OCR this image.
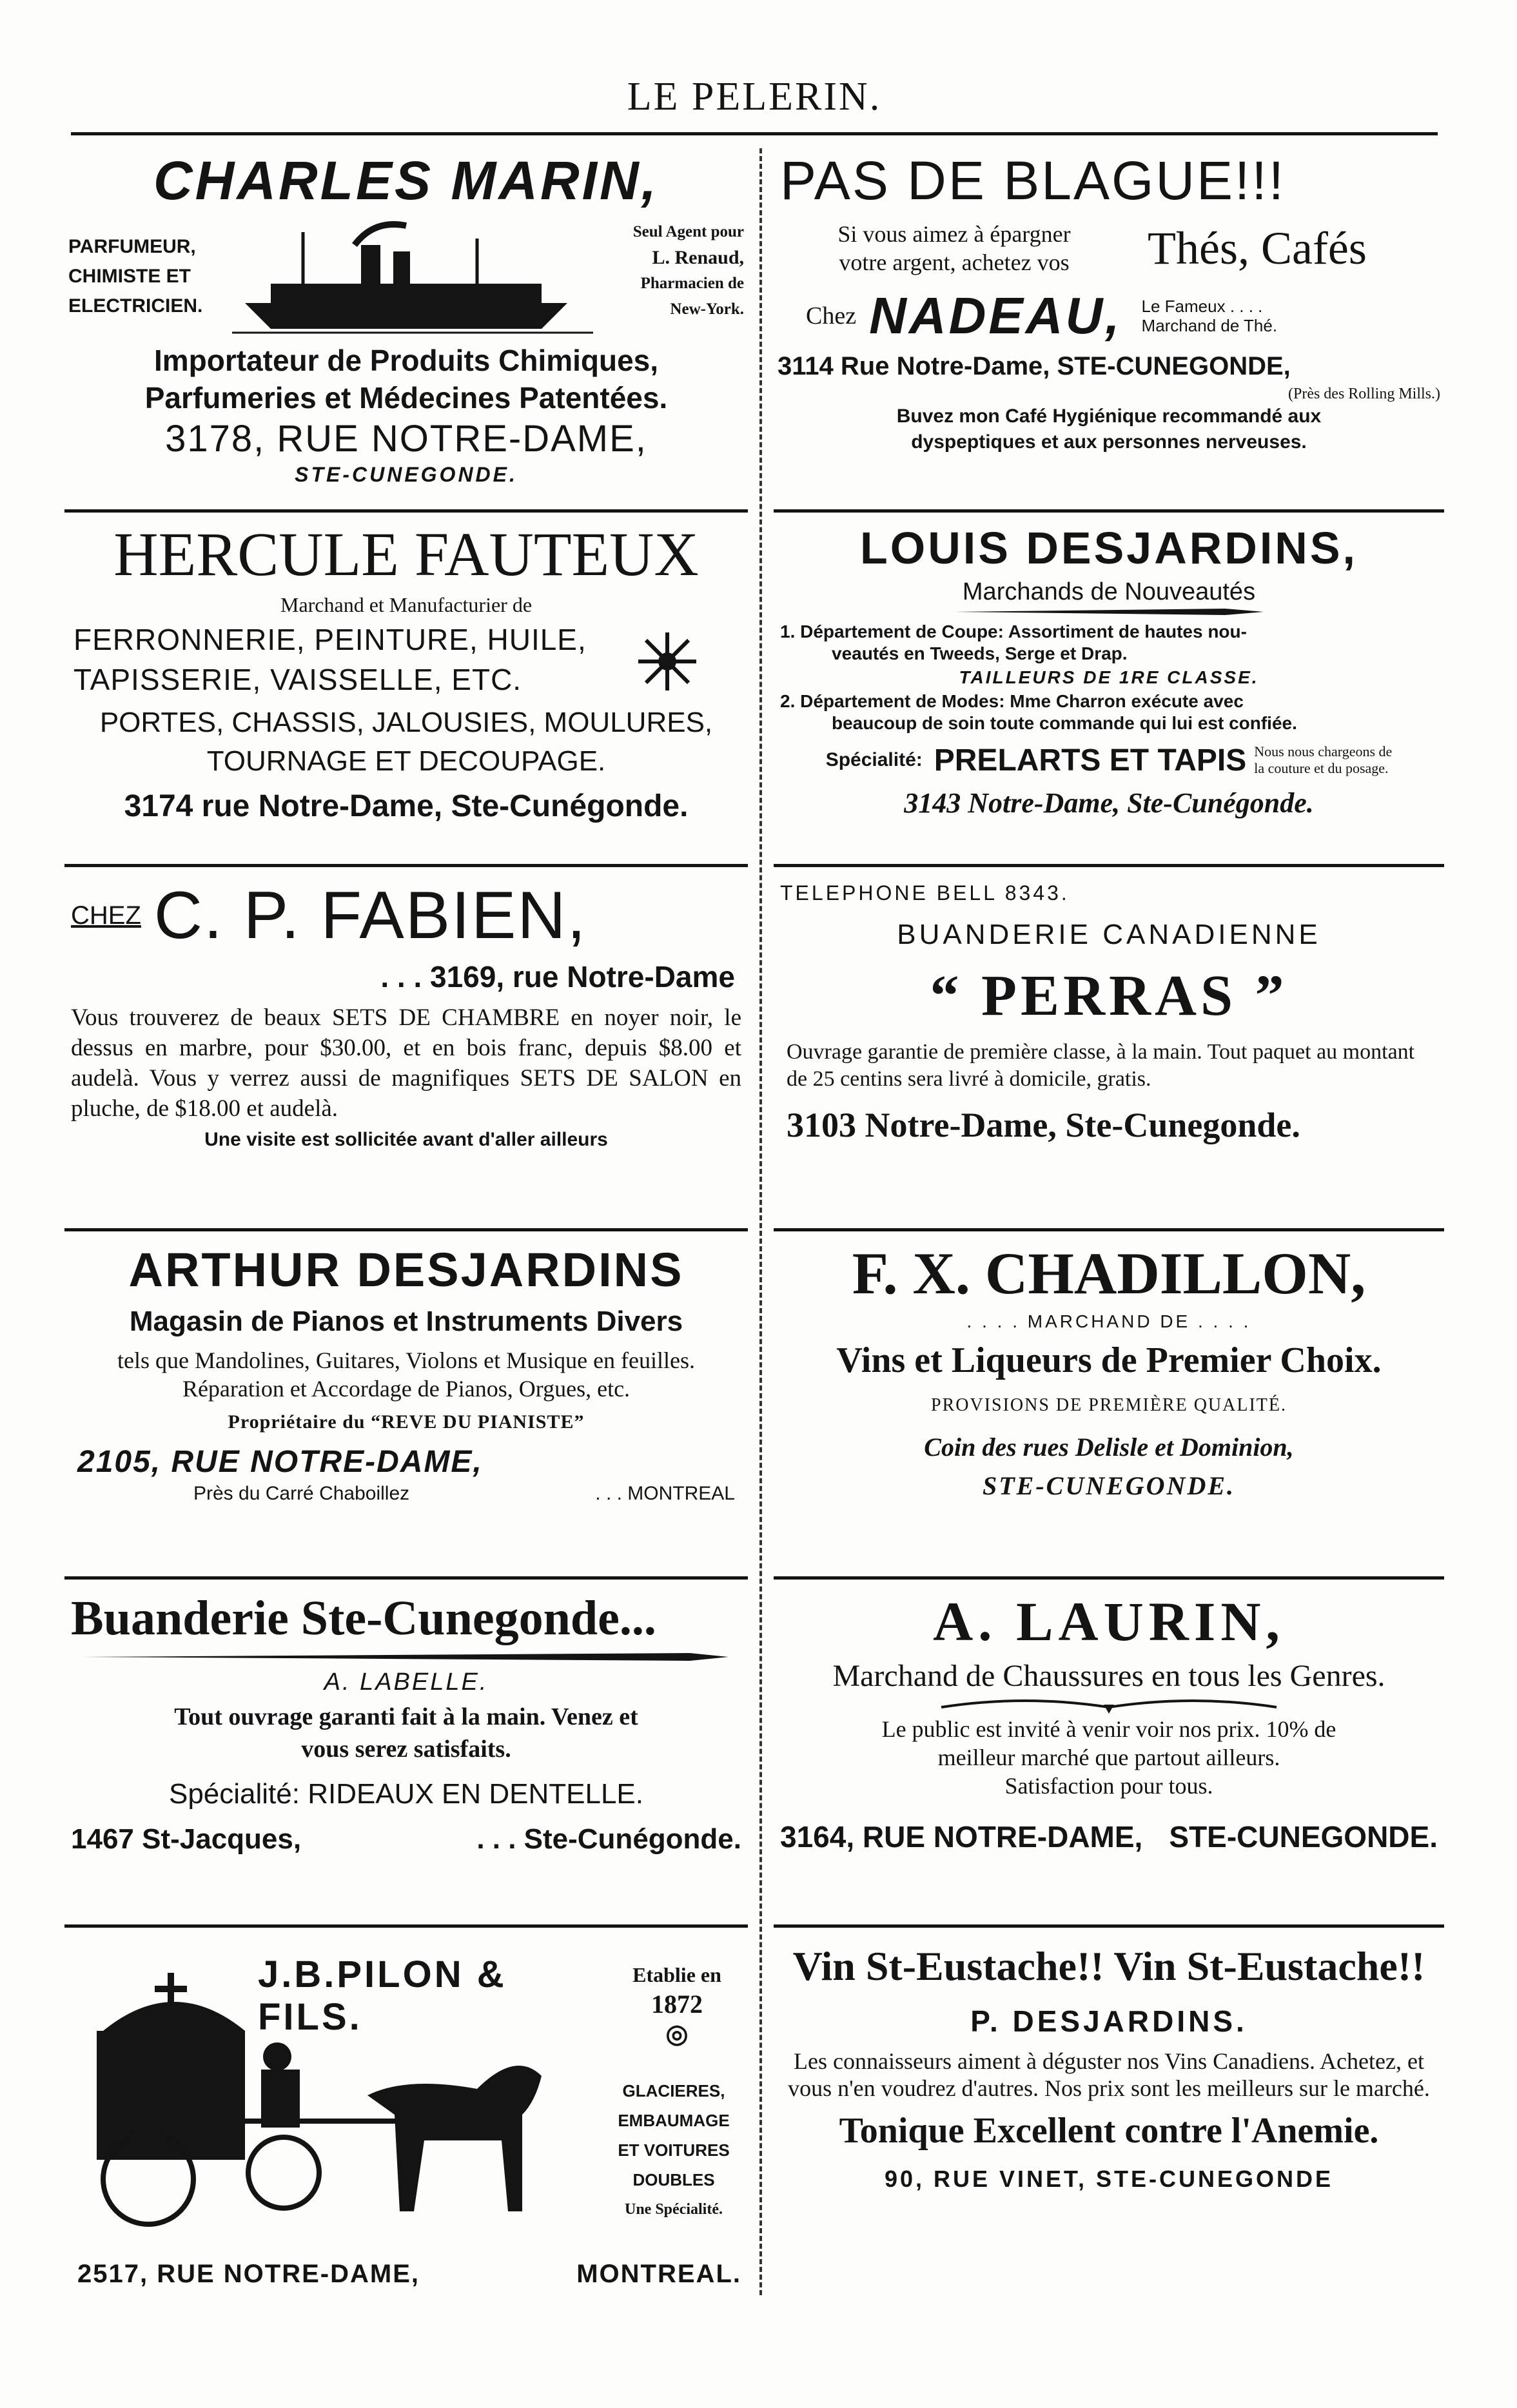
LE PELERIN.
CHARLES MARIN,
PARFUMEUR,
CHIMISTE ET
ELECTRICIEN.
Seul Agent pour
L. Renaud,
Pharmacien de
New-York.
Importateur de Produits Chimiques,
Parfumeries et Médecines Patentées.
3178, RUE NOTRE-DAME,
STE-CUNEGONDE.
HERCULE FAUTEUX
Marchand et Manufacturier de
FERRONNERIE, PEINTURE, HUILE,
TAPISSERIE, VAISSELLE, ETC.
PORTES, CHASSIS, JALOUSIES, MOULURES,
TOURNAGE ET DECOUPAGE.
3174 rue Notre-Dame, Ste-Cunégonde.
CHEZ C. P. FABIEN,
. . . 3169, rue Notre-Dame
Vous trouverez de beaux SETS DE CHAMBRE en noyer noir, le dessus en marbre, pour $30.00, et en bois franc, depuis $8.00 et audelà. Vous y verrez aussi de magnifiques SETS DE SALON en pluche, de $18.00 et audelà.
Une visite est sollicitée avant d'aller ailleurs
ARTHUR DESJARDINS
Magasin de Pianos et Instruments Divers
tels que Mandolines, Guitares, Violons et Musique en feuilles. Réparation et Accordage de Pianos, Orgues, etc.
Propriétaire du “REVE DU PIANISTE”
2105, RUE NOTRE-DAME,
Près du Carré Chaboillez	. . . MONTREAL
Buanderie Ste-Cunegonde...
A. LABELLE.
Tout ouvrage garanti fait à la main. Venez et
vous serez satisfaits.
Spécialité: RIDEAUX EN DENTELLE.
1467 St-Jacques,	. . . Ste-Cunégonde.
J.B.PILON & FILS.
Etablie en
1872
◎
GLACIERES,
EMBAUMAGE
ET VOITURES
DOUBLES
Une Spécialité.
2517, RUE NOTRE-DAME,	MONTREAL.
PAS DE BLAGUE!!!
Si vous aimez à épargner
votre argent, achetez vos	Thés, Cafés
Chez NADEAU, Le Fameux . . . .
Marchand de Thé.
3114 Rue Notre-Dame, STE-CUNEGONDE,
(Près des Rolling Mills.)
Buvez mon Café Hygiénique recommandé aux
dyspeptiques et aux personnes nerveuses.
LOUIS DESJARDINS,
Marchands de Nouveautés
1. Département de Coupe: Assortiment de hautes nou-
veautés en Tweeds, Serge et Drap.
TAILLEURS DE 1RE CLASSE.
2. Département de Modes: Mme Charron exécute avec
beaucoup de soin toute commande qui lui est confiée.
Spécialité: PRELARTS ET TAPIS Nous nous chargeons de
la couture et du posage.
3143 Notre-Dame, Ste-Cunégonde.
TELEPHONE BELL 8343.
BUANDERIE CANADIENNE
“ PERRAS ”
Ouvrage garantie de première classe, à la main. Tout paquet au montant de 25 centins sera livré à domicile, gratis.
3103 Notre-Dame, Ste-Cunegonde.
F. X. CHADILLON,
. . . . MARCHAND DE . . . .
Vins et Liqueurs de Premier Choix.
PROVISIONS DE PREMIÈRE QUALITÉ.
Coin des rues Delisle et Dominion,
STE-CUNEGONDE.
A. LAURIN,
Marchand de Chaussures en tous les Genres.
Le public est invité à venir voir nos prix. 10% de
meilleur marché que partout ailleurs.
Satisfaction pour tous.
3164, RUE NOTRE-DAME, STE-CUNEGONDE.
Vin St-Eustache!! Vin St-Eustache!!
P. DESJARDINS.
Les connaisseurs aiment à déguster nos Vins Canadiens. Achetez, et vous n'en voudrez d'autres. Nos prix sont les meilleurs sur le marché.
Tonique Excellent contre l'Anemie.
90, RUE VINET, STE-CUNEGONDE
